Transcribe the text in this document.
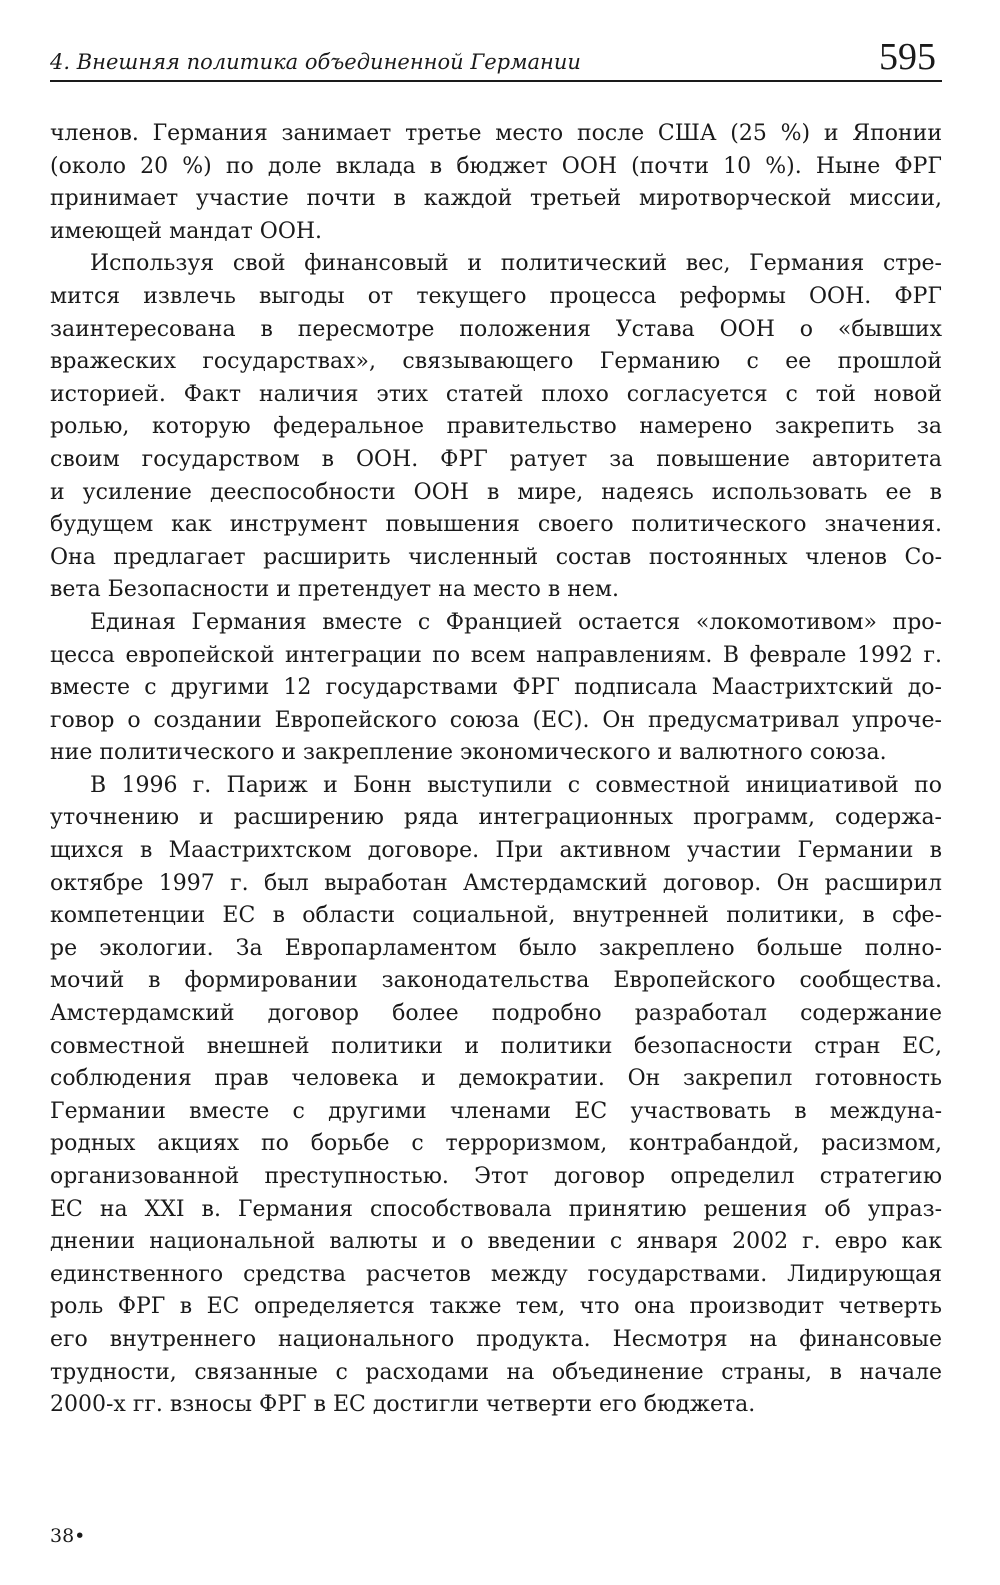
4. Внешняя политика объединенной Германии	595
членов. Германия занимает третье место после США (25 %) и Японии
(около 20 %) по доле вклада в бюджет ООН (почти 10 %). Ныне ФРГ
принимает участие почти в каждой третьей миротворческой миссии,
имеющей мандат ООН.
Используя свой финансовый и политический вес, Германия стре-
мится извлечь выгоды от текущего процесса реформы ООН. ФРГ
заинтересована в пересмотре положения Устава ООН о «бывших
вражеских государствах», связывающего Германию с ее прошлой
историей. Факт наличия этих статей плохо согласуется с той новой
ролью, которую федеральное правительство намерено закрепить за
своим государством в ООН. ФРГ ратует за повышение авторитета
и усиление дееспособности ООН в мире, надеясь использовать ее в
будущем как инструмент повышения своего политического значения.
Она предлагает расширить численный состав постоянных членов Со-
вета Безопасности и претендует на место в нем.
Единая Германия вместе с Францией остается «локомотивом» про-
цесса европейской интеграции по всем направлениям. В феврале 1992 г.
вместе с другими 12 государствами ФРГ подписала Маастрихтский до-
говор о создании Европейского союза (ЕС). Он предусматривал упроче-
ние политического и закрепление экономического и валютного союза.
В 1996 г. Париж и Бонн выступили с совместной инициативой по
уточнению и расширению ряда интеграционных программ, содержа-
щихся в Маастрихтском договоре. При активном участии Германии в
октябре 1997 г. был выработан Амстердамский договор. Он расширил
компетенции ЕС в области социальной, внутренней политики, в сфе-
ре экологии. За Европарламентом было закреплено больше полно-
мочий в формировании законодательства Европейского сообщества.
Амстердамский договор более подробно разработал содержание
совместной внешней политики и политики безопасности стран ЕС,
соблюдения прав человека и демократии. Он закрепил готовность
Германии вместе с другими членами ЕС участвовать в междуна-
родных акциях по борьбе с терроризмом, контрабандой, расизмом,
организованной преступностью. Этот договор определил стратегию
ЕС на XXI в. Германия способствовала принятию решения об упраз-
днении национальной валюты и о введении с января 2002 г. евро как
единственного средства расчетов между государствами. Лидирующая
роль ФРГ в ЕС определяется также тем, что она производит четверть
его внутреннего национального продукта. Несмотря на финансовые
трудности, связанные с расходами на объединение страны, в начале
2000-х гг. взносы ФРГ в ЕС достигли четверти его бюджета.
38•
